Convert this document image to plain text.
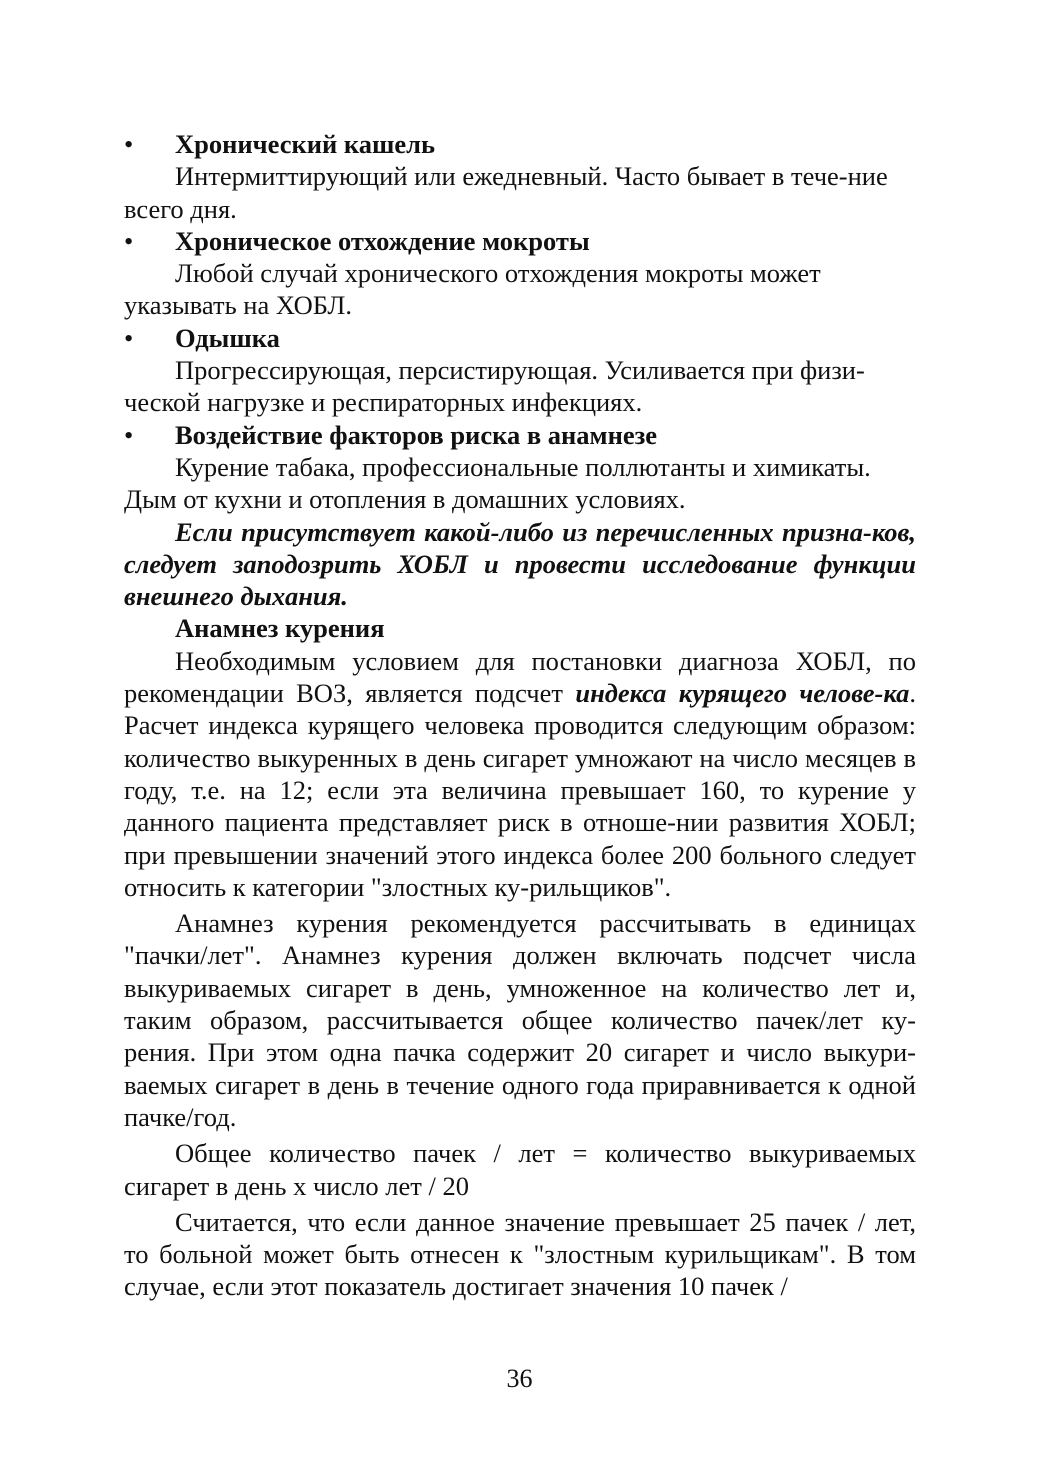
• Хронический кашель
Интермиттирующий или ежедневный. Часто бывает в тече-ние всего дня.
• Хроническое отхождение мокроты
Любой случай хронического отхождения мокроты может указывать на ХОБЛ.
• Одышка
Прогрессирующая, персистирующая. Усиливается при физи-ческой нагрузке и респираторных инфекциях.
• Воздействие факторов риска в анамнезе
Курение табака, профессиональные поллютанты и химикаты. Дым от кухни и отопления в домашних условиях.
Если присутствует какой-либо из перечисленных призна-ков, следует заподозрить ХОБЛ и провести исследование функции внешнего дыхания.
Анамнез курения
Необходимым условием для постановки диагноза ХОБЛ, по рекомендации ВОЗ, является подсчет индекса курящего челове-ка. Расчет индекса курящего человека проводится следующим образом: количество выкуренных в день сигарет умножают на число месяцев в году, т.е. на 12; если эта величина превышает 160, то курение у данного пациента представляет риск в отноше-нии развития ХОБЛ; при превышении значений этого индекса более 200 больного следует относить к категории "злостных ку-рильщиков".
Анамнез курения рекомендуется рассчитывать в единицах "пачки/лет". Анамнез курения должен включать подсчет числа выкуриваемых сигарет в день, умноженное на количество лет и, таким образом, рассчитывается общее количество пачек/лет ку-рения. При этом одна пачка содержит 20 сигарет и число выкури-ваемых сигарет в день в течение одного года приравнивается к одной пачке/год.
Общее количество пачек / лет = количество выкуриваемых сигарет в день х число лет / 20
Считается, что если данное значение превышает 25 пачек / лет, то больной может быть отнесен к "злостным курильщикам". В том случае, если этот показатель достигает значения 10 пачек /
36
